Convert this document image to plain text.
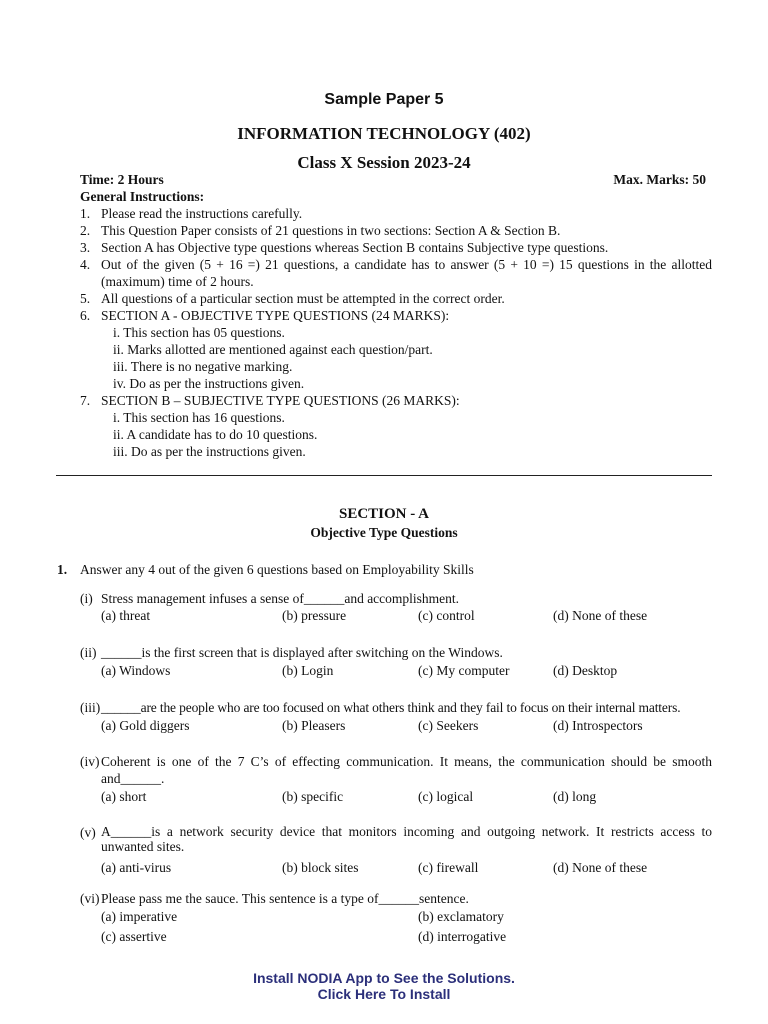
Sample Paper 5
INFORMATION TECHNOLOGY (402)
Class X Session 2023-24
Time: 2 Hours	Max. Marks: 50
General Instructions:
1. Please read the instructions carefully.
2. This Question Paper consists of 21 questions in two sections: Section A & Section B.
3. Section A has Objective type questions whereas Section B contains Subjective type questions.
4. Out of the given (5 + 16 =) 21 questions, a candidate has to answer (5 + 10 =) 15 questions in the allotted (maximum) time of 2 hours.
5. All questions of a particular section must be attempted in the correct order.
6. SECTION A - OBJECTIVE TYPE QUESTIONS (24 MARKS):
i. This section has 05 questions.
ii. Marks allotted are mentioned against each question/part.
iii. There is no negative marking.
iv. Do as per the instructions given.
7. SECTION B – SUBJECTIVE TYPE QUESTIONS (26 MARKS):
i. This section has 16 questions.
ii. A candidate has to do 10 questions.
iii. Do as per the instructions given.
SECTION - A
Objective Type Questions
1. Answer any 4 out of the given 6 questions based on Employability Skills
(i) Stress management infuses a sense of______and accomplishment.
(a) threat	(b) pressure	(c) control	(d) None of these
(ii) ______is the first screen that is displayed after switching on the Windows.
(a) Windows	(b) Login	(c) My computer	(d) Desktop
(iii) ______are the people who are too focused on what others think and they fail to focus on their internal matters.
(a) Gold diggers	(b) Pleasers	(c) Seekers	(d) Introspectors
(iv) Coherent is one of the 7 C’s of effecting communication. It means, the communication should be smooth and______.
(a) short	(b) specific	(c) logical	(d) long
(v) A______is a network security device that monitors incoming and outgoing network. It restricts access to unwanted sites.
(a) anti-virus	(b) block sites	(c) firewall	(d) None of these
(vi) Please pass me the sauce. This sentence is a type of______sentence.
(a) imperative	(b) exclamatory
(c) assertive	(d) interrogative
Install NODIA App to See the Solutions.
Click Here To Install
